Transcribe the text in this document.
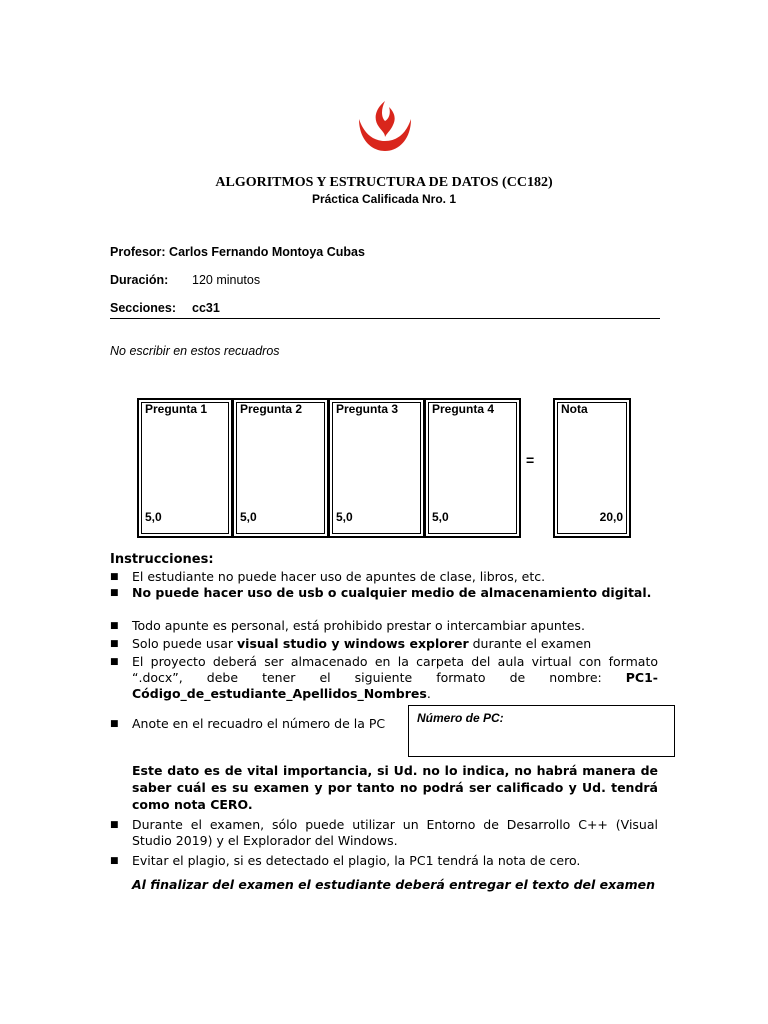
ALGORITMOS Y ESTRUCTURA DE DATOS (CC182)
Práctica Calificada Nro. 1
Profesor: Carlos Fernando Montoya Cubas
Duración: 120 minutos
Secciones: cc31
No escribir en estos recuadros
Pregunta 1
5,0
Pregunta 2
5,0
Pregunta 3
5,0
Pregunta 4
5,0
=
Nota
20,0
Instrucciones:
■ El estudiante no puede hacer uso de apuntes de clase, libros, etc.
■ No puede hacer uso de usb o cualquier medio de almacenamiento digital.
■ Todo apunte es personal, está prohibido prestar o intercambiar apuntes.
■ Solo puede usar visual studio y windows explorer durante el examen
■ El proyecto deberá ser almacenado en la carpeta del aula virtual con formato “.docx”, debe tener el siguiente formato de nombre: PC1-Código_de_estudiante_Apellidos_Nombres.
■ Anote en el recuadro el número de la PC	Número de PC:
Este dato es de vital importancia, si Ud. no lo indica, no habrá manera de saber cuál es su examen y por tanto no podrá ser calificado y Ud. tendrá como nota CERO.
■ Durante el examen, sólo puede utilizar un Entorno de Desarrollo C++ (Visual Studio 2019) y el Explorador del Windows.
■ Evitar el plagio, si es detectado el plagio, la PC1 tendrá la nota de cero.
Al finalizar del examen el estudiante deberá entregar el texto del examen
